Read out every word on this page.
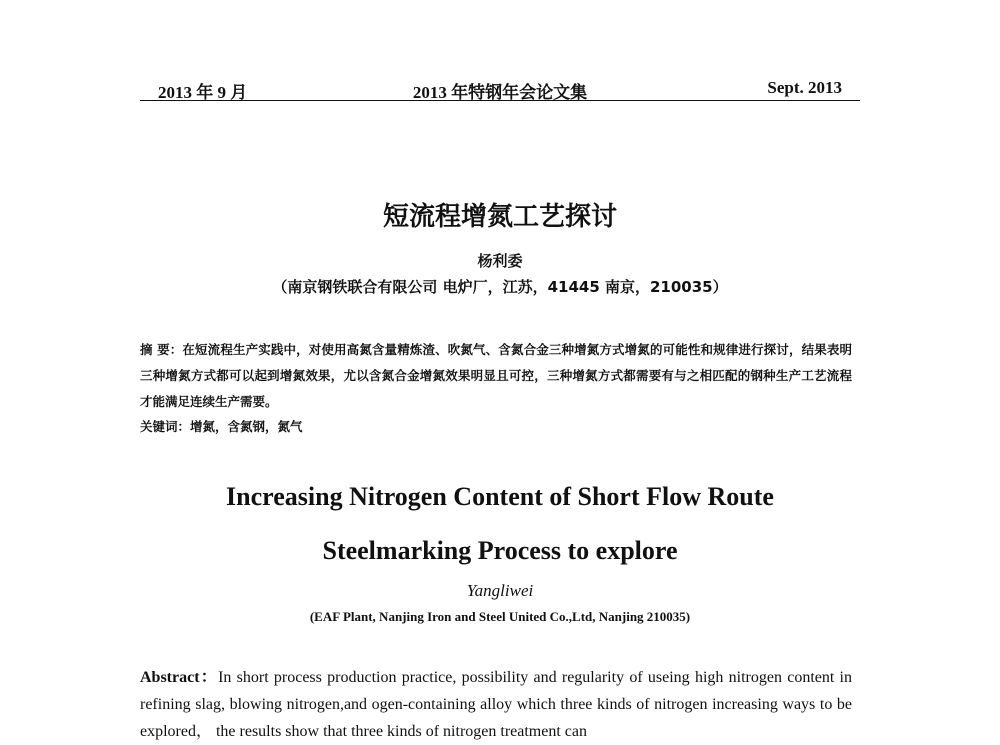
2013 年 9 月	2013 年特钢年会论文集	Sept. 2013
短流程增氮工艺探讨
杨利委
（南京钢铁联合有限公司 电炉厂，江苏，41445 南京，210035）
摘 要：在短流程生产实践中，对使用高氮含量精炼渣、吹氮气、含氮合金三种增氮方式增氮的可能性和规律进行探讨，结果表明三种增氮方式都可以起到增氮效果，尤以含氮合金增氮效果明显且可控，三种增氮方式都需要有与之相匹配的钢种生产工艺流程才能满足连续生产需要。
关键词：增氮，含氮钢，氮气
Increasing Nitrogen Content of Short Flow Route
Steelmarking Process to explore
Yangliwei
(EAF Plant, Nanjing Iron and Steel United Co.,Ltd, Nanjing 210035)
Abstract：In short process production practice, possibility and regularity of useing high nitrogen content in refining slag, blowing nitrogen,and ogen-containing alloy which three kinds of nitrogen increasing ways to be explored， the results show that three kinds of nitrogen treatment can
